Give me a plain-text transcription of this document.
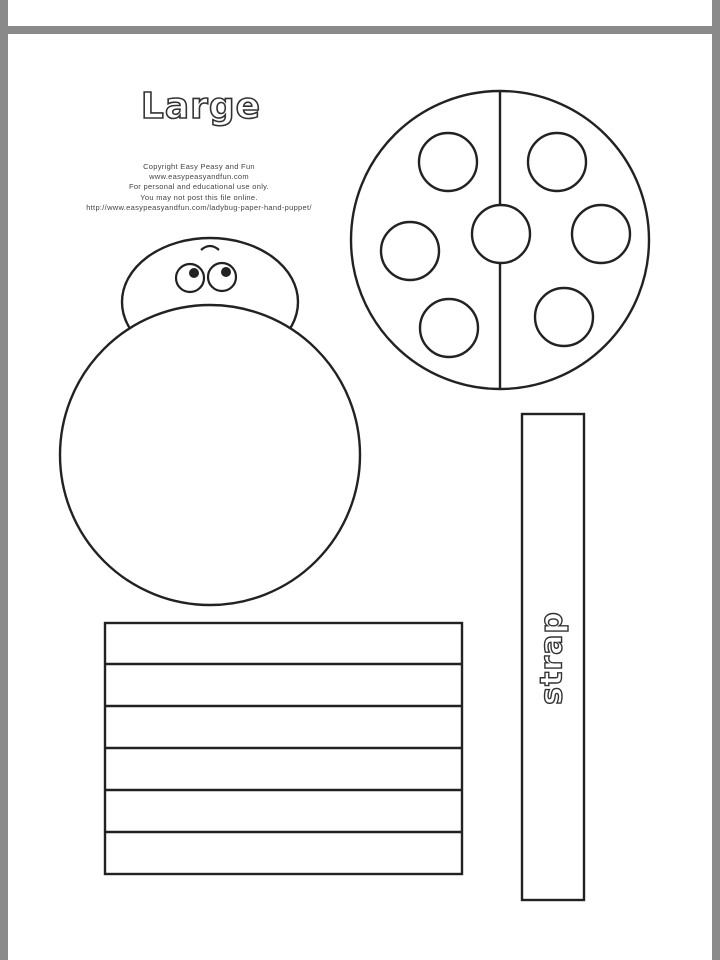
Large
Copyright Easy Peasy and Fun
www.easypeasyandfun.com
For personal and educational use only.
You may not post this file online.
http://www.easypeasyandfun.com/ladybug-paper-hand-puppet/
strap
